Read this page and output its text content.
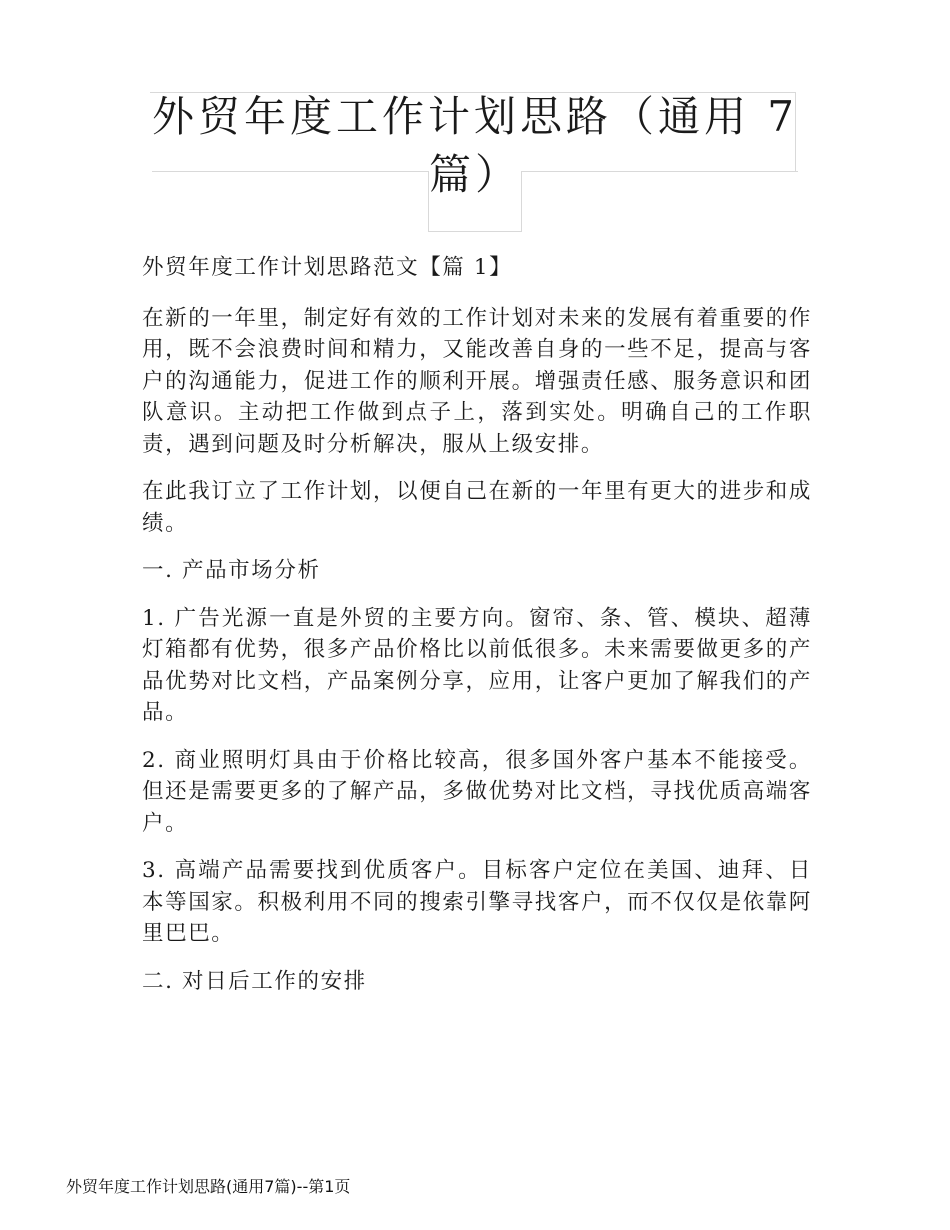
外贸年度工作计划思路（通用 7
篇）

外贸年度工作计划思路范文【篇 1】

在新的一年里，制定好有效的工作计划对未来的发展有着重要的作用，既不会浪费时间和精力，又能改善自身的一些不足，提高与客户的沟通能力，促进工作的顺利开展。增强责任感、服务意识和团队意识。主动把工作做到点子上，落到实处。明确自己的工作职责，遇到问题及时分析解决，服从上级安排。

在此我订立了工作计划，以便自己在新的一年里有更大的进步和成绩。

一. 产品市场分析

1. 广告光源一直是外贸的主要方向。窗帘、条、管、模块、超薄灯箱都有优势，很多产品价格比以前低很多。未来需要做更多的产品优势对比文档，产品案例分享，应用，让客户更加了解我们的产品。

2. 商业照明灯具由于价格比较高，很多国外客户基本不能接受。但还是需要更多的了解产品，多做优势对比文档，寻找优质高端客户。

3. 高端产品需要找到优质客户。目标客户定位在美国、迪拜、日本等国家。积极利用不同的搜索引擎寻找客户，而不仅仅是依靠阿里巴巴。

二. 对日后工作的安排

外贸年度工作计划思路(通用7篇)--第1页
